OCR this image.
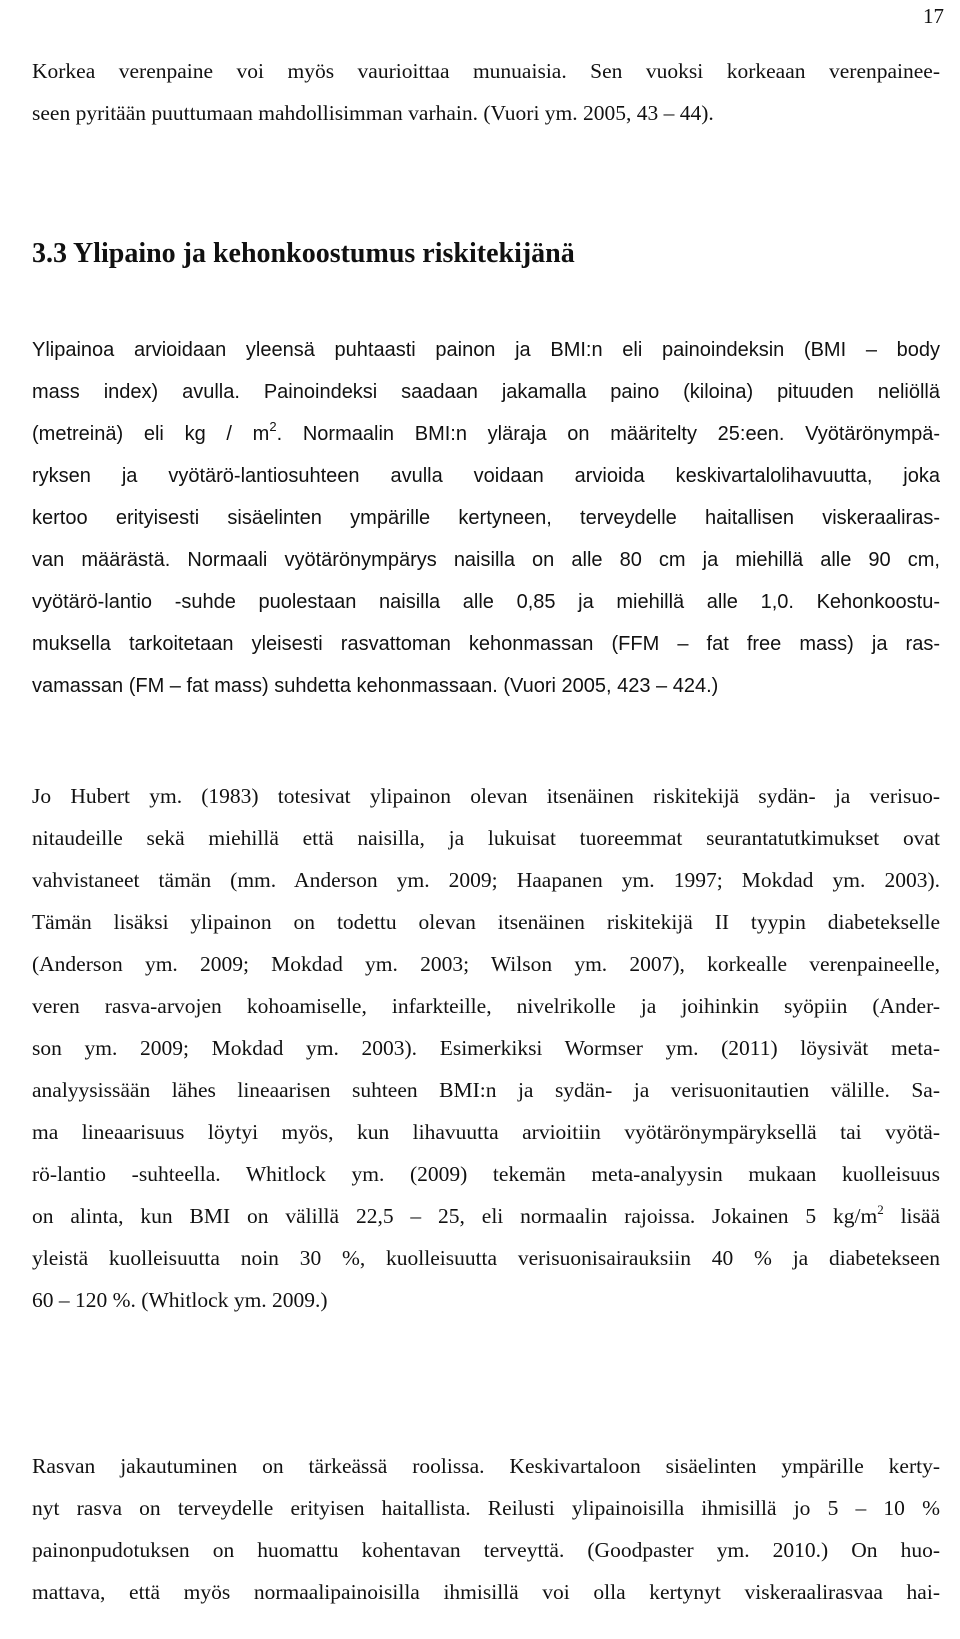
17
Korkea verenpaine voi myös vaurioittaa munuaisia. Sen vuoksi korkeaan verenpainee-
seen pyritään puuttumaan mahdollisimman varhain. (Vuori ym. 2005, 43 – 44).
3.3 Ylipaino ja kehonkoostumus riskitekijänä
Ylipainoa arvioidaan yleensä puhtaasti painon ja BMI:n eli painoindeksin (BMI – body
mass index) avulla. Painoindeksi saadaan jakamalla paino (kiloina) pituuden neliöllä
(metreinä) eli kg / $m^2$. Normaalin BMI:n yläraja on määritelty 25:een. Vyötärönympä-
ryksen ja vyötärö-lantiosuhteen avulla voidaan arvioida keskivartalolihavuutta, joka
kertoo erityisesti sisäelinten ympärille kertyneen, terveydelle haitallisen viskeraaliras-
van määrästä. Normaali vyötärönympärys naisilla on alle 80 cm ja miehillä alle 90 cm,
vyötärö-lantio -suhde puolestaan naisilla alle 0,85 ja miehillä alle 1,0. Kehonkoostu-
muksella tarkoitetaan yleisesti rasvattoman kehonmassan (FFM – fat free mass) ja ras-
vamassan (FM – fat mass) suhdetta kehonmassaan. (Vuori 2005, 423 – 424.)
Jo Hubert ym. (1983) totesivat ylipainon olevan itsenäinen riskitekijä sydän- ja verisuo-
nitaudeille sekä miehillä että naisilla, ja lukuisat tuoreemmat seurantatutkimukset ovat
vahvistaneet tämän (mm. Anderson ym. 2009; Haapanen ym. 1997; Mokdad ym. 2003).
Tämän lisäksi ylipainon on todettu olevan itsenäinen riskitekijä II tyypin diabetekselle
(Anderson ym. 2009; Mokdad ym. 2003; Wilson ym. 2007), korkealle verenpaineelle,
veren rasva-arvojen kohoamiselle, infarkteille, nivelrikolle ja joihinkin syöpiin (Ander-
son ym. 2009; Mokdad ym. 2003). Esimerkiksi Wormser ym. (2011) löysivät meta-
analyysissään lähes lineaarisen suhteen BMI:n ja sydän- ja verisuonitautien välille. Sa-
ma lineaarisuus löytyi myös, kun lihavuutta arvioitiin vyötärönympäryksellä tai vyötä-
rö-lantio -suhteella. Whitlock ym. (2009) tekemän meta-analyysin mukaan kuolleisuus
on alinta, kun BMI on välillä 22,5 – 25, eli normaalin rajoissa. Jokainen 5 $kg/m^2$ lisää
yleistä kuolleisuutta noin 30 %, kuolleisuutta verisuonisairauksiin 40 % ja diabetekseen
60 – 120 %. (Whitlock ym. 2009.)
Rasvan jakautuminen on tärkeässä roolissa. Keskivartaloon sisäelinten ympärille kerty-
nyt rasva on terveydelle erityisen haitallista. Reilusti ylipainoisilla ihmisillä jo 5 – 10 %
painonpudotuksen on huomattu kohentavan terveyttä. (Goodpaster ym. 2010.) On huo-
mattava, että myös normaalipainoisilla ihmisillä voi olla kertynyt viskeraalirasvaa hai-
